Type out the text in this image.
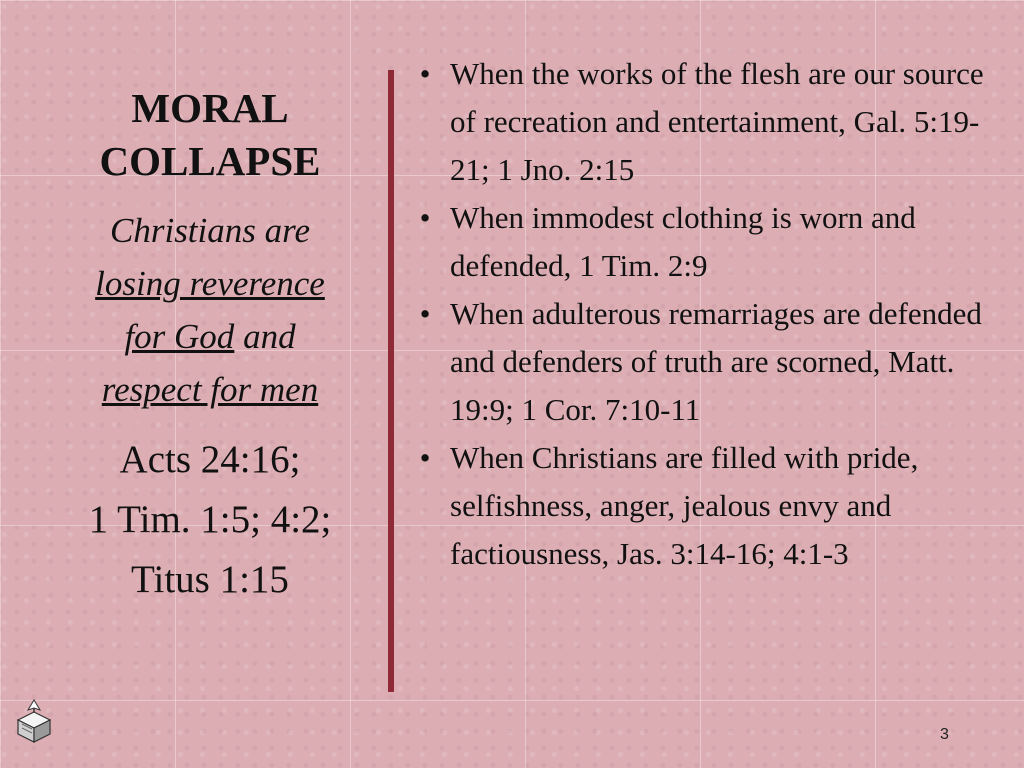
MORAL
COLLAPSE
Christians are
losing reverence
for God and
respect for men
Acts 24:16;
1 Tim. 1:5; 4:2;
Titus 1:15
• When the works of the flesh are our source of recreation and entertainment, Gal. 5:19-21; 1 Jno. 2:15
• When immodest clothing is worn and defended, 1 Tim. 2:9
• When adulterous remarriages are defended and defenders of truth are scorned, Matt. 19:9; 1 Cor. 7:10-11
• When Christians are filled with pride, selfishness, anger, jealous envy and factiousness, Jas. 3:14-16; 4:1-3
3
